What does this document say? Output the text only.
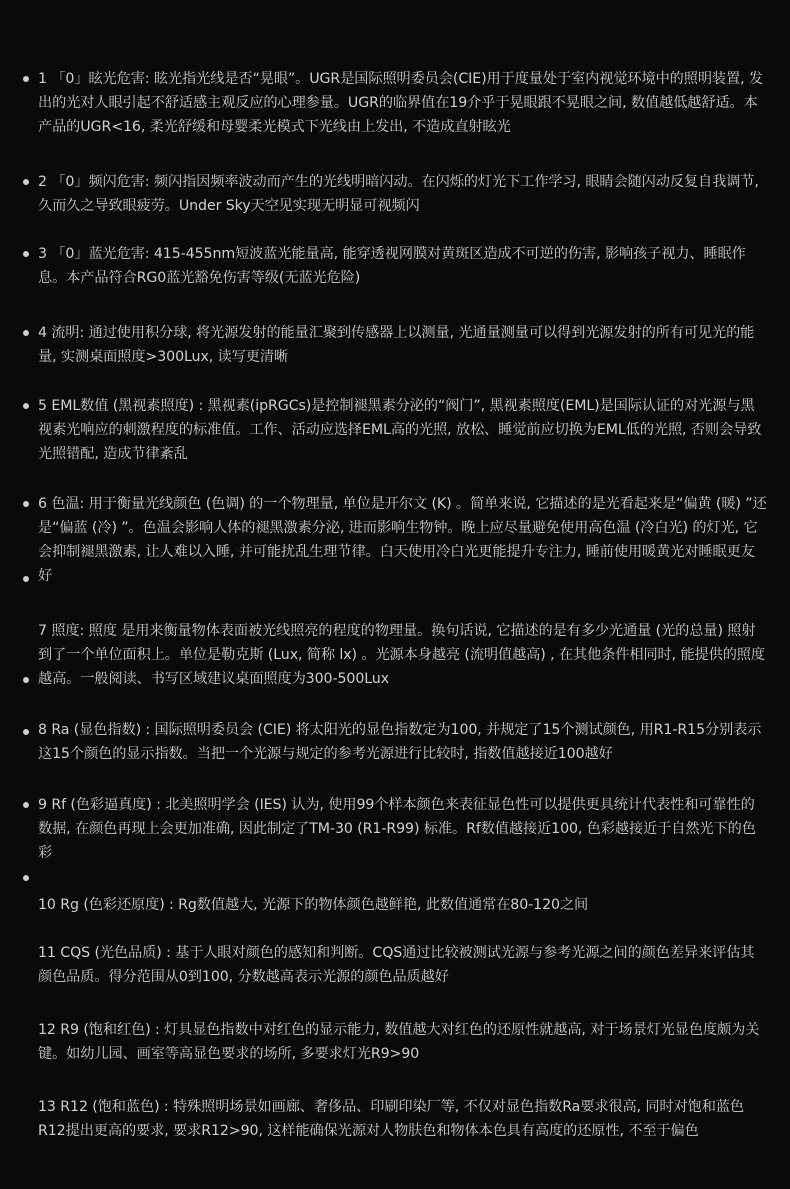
1 「0」眩光危害: 眩光指光线是否“晃眼”。UGR是国际照明委员会(CIE)用于度量处于室内视觉环境中的照明装置, 发出的光对人眼引起不舒适感主观反应的心理参量。UGR的临界值在19介乎于晃眼跟不晃眼之间, 数值越低越舒适。本产品的UGR<16, 柔光舒缓和母婴柔光模式下光线由上发出, 不造成直射眩光

2 「0」频闪危害: 频闪指因频率波动而产生的光线明暗闪动。在闪烁的灯光下工作学习, 眼睛会随闪动反复自我调节,久而久之导致眼疲劳。Under Sky天空见实现无明显可视频闪

3 「0」蓝光危害: 415-455nm短波蓝光能量高, 能穿透视网膜对黄斑区造成不可逆的伤害, 影响孩子视力、睡眠作息。本产品符合RG0蓝光豁免伤害等级(无蓝光危险)

4 流明: 通过使用积分球, 将光源发射的能量汇聚到传感器上以测量, 光通量测量可以得到光源发射的所有可见光的能量, 实测桌面照度>300Lux, 读写更清晰

5 EML数值 (黑视素照度) : 黑视素(ipRGCs)是控制褪黑素分泌的“阀门”, 黑视素照度(EML)是国际认证的对光源与黑视素光响应的刺激程度的标准值。工作、活动应选择EML高的光照, 放松、睡觉前应切换为EML低的光照, 否则会导致光照错配, 造成节律紊乱

6 色温: 用于衡量光线颜色 (色调) 的一个物理量, 单位是开尔文 (K) 。简单来说, 它描述的是光看起来是“偏黄 (暖) ”还是“偏蓝 (冷) ”。色温会影响人体的褪黑激素分泌, 进而影响生物钟。晚上应尽量避免使用高色温 (冷白光) 的灯光, 它会抑制褪黑激素, 让人难以入睡, 并可能扰乱生理节律。白天使用冷白光更能提升专注力, 睡前使用暖黄光对睡眠更友好

7 照度: 照度 是用来衡量物体表面被光线照亮的程度的物理量。换句话说, 它描述的是有多少光通量 (光的总量) 照射到了一个单位面积上。单位是勒克斯 (Lux, 简称 lx) 。光源本身越亮 (流明值越高) , 在其他条件相同时, 能提供的照度越高。一般阅读、书写区域建议桌面照度为300-500Lux

8 Ra (显色指数) : 国际照明委员会 (CIE) 将太阳光的显色指数定为100, 并规定了15个测试颜色, 用R1-R15分别表示这15个颜色的显示指数。当把一个光源与规定的参考光源进行比较时, 指数值越接近100越好

9 Rf (色彩逼真度) : 北美照明学会 (IES) 认为, 使用99个样本颜色来表征显色性可以提供更具统计代表性和可靠性的数据, 在颜色再现上会更加准确, 因此制定了TM-30 (R1-R99) 标准。Rf数值越接近100, 色彩越接近于自然光下的色彩

10 Rg (色彩还原度) : Rg数值越大, 光源下的物体颜色越鲜艳, 此数值通常在80-120之间

11 CQS (光色品质) : 基于人眼对颜色的感知和判断。CQS通过比较被测试光源与参考光源之间的颜色差异来评估其颜色品质。得分范围从0到100, 分数越高表示光源的颜色品质越好

12 R9 (饱和红色) : 灯具显色指数中对红色的显示能力, 数值越大对红色的还原性就越高, 对于场景灯光显色度颇为关键。如幼儿园、画室等高显色要求的场所, 多要求灯光R9>90

13 R12 (饱和蓝色) : 特殊照明场景如画廊、奢侈品、印刷印染厂等, 不仅对显色指数Ra要求很高, 同时对饱和蓝色R12提出更高的要求, 要求R12>90, 这样能确保光源对人物肤色和物体本色具有高度的还原性, 不至于偏色
